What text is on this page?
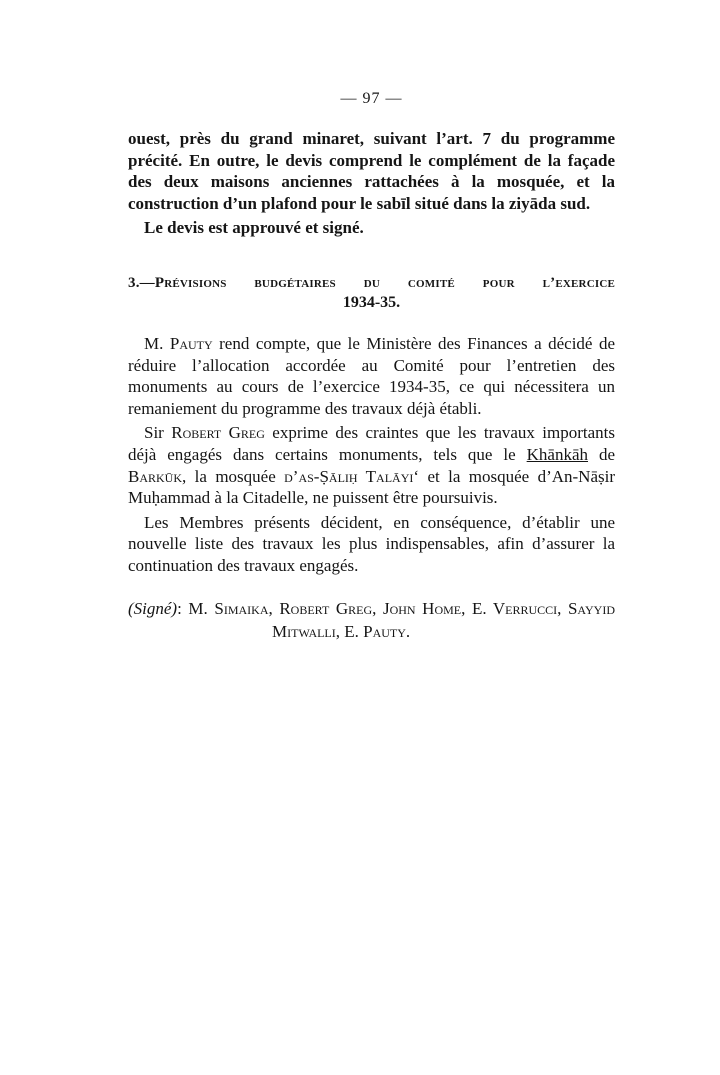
— 97 —

ouest, près du grand minaret, suivant l’art. 7 du programme précité. En outre, le devis comprend le complément de la façade des deux maisons anciennes rattachées à la mosquée, et la construction d’un plafond pour le sabīl situé dans la ziyāda sud.

Le devis est approuvé et signé.

3.—Prévisions budgétaires du comité pour l’exercice
1934-35.

M. Pauty rend compte, que le Ministère des Finances a décidé de réduire l’allocation accordée au Comité pour l’entretien des monuments au cours de l’exercice 1934-35, ce qui nécessitera un remaniement du programme des travaux déjà établi.

Sir Robert Greg exprime des craintes que les travaux importants déjà engagés dans certains monuments, tels que le Khānkāh de Barkūk, la mosquée d’as-Ṣāliḥ Talāyi‘ et la mosquée d’An-Nāṣir Muḥammad à la Citadelle, ne puissent être poursuivis.

Les Membres présents décident, en conséquence, d’établir une nouvelle liste des travaux les plus indispensables, afin d’assurer la continuation des travaux engagés.

(Signé): M. Simaika, Robert Greg, John Home, E. Verrucci, Sayyid Mitwalli, E. Pauty.
